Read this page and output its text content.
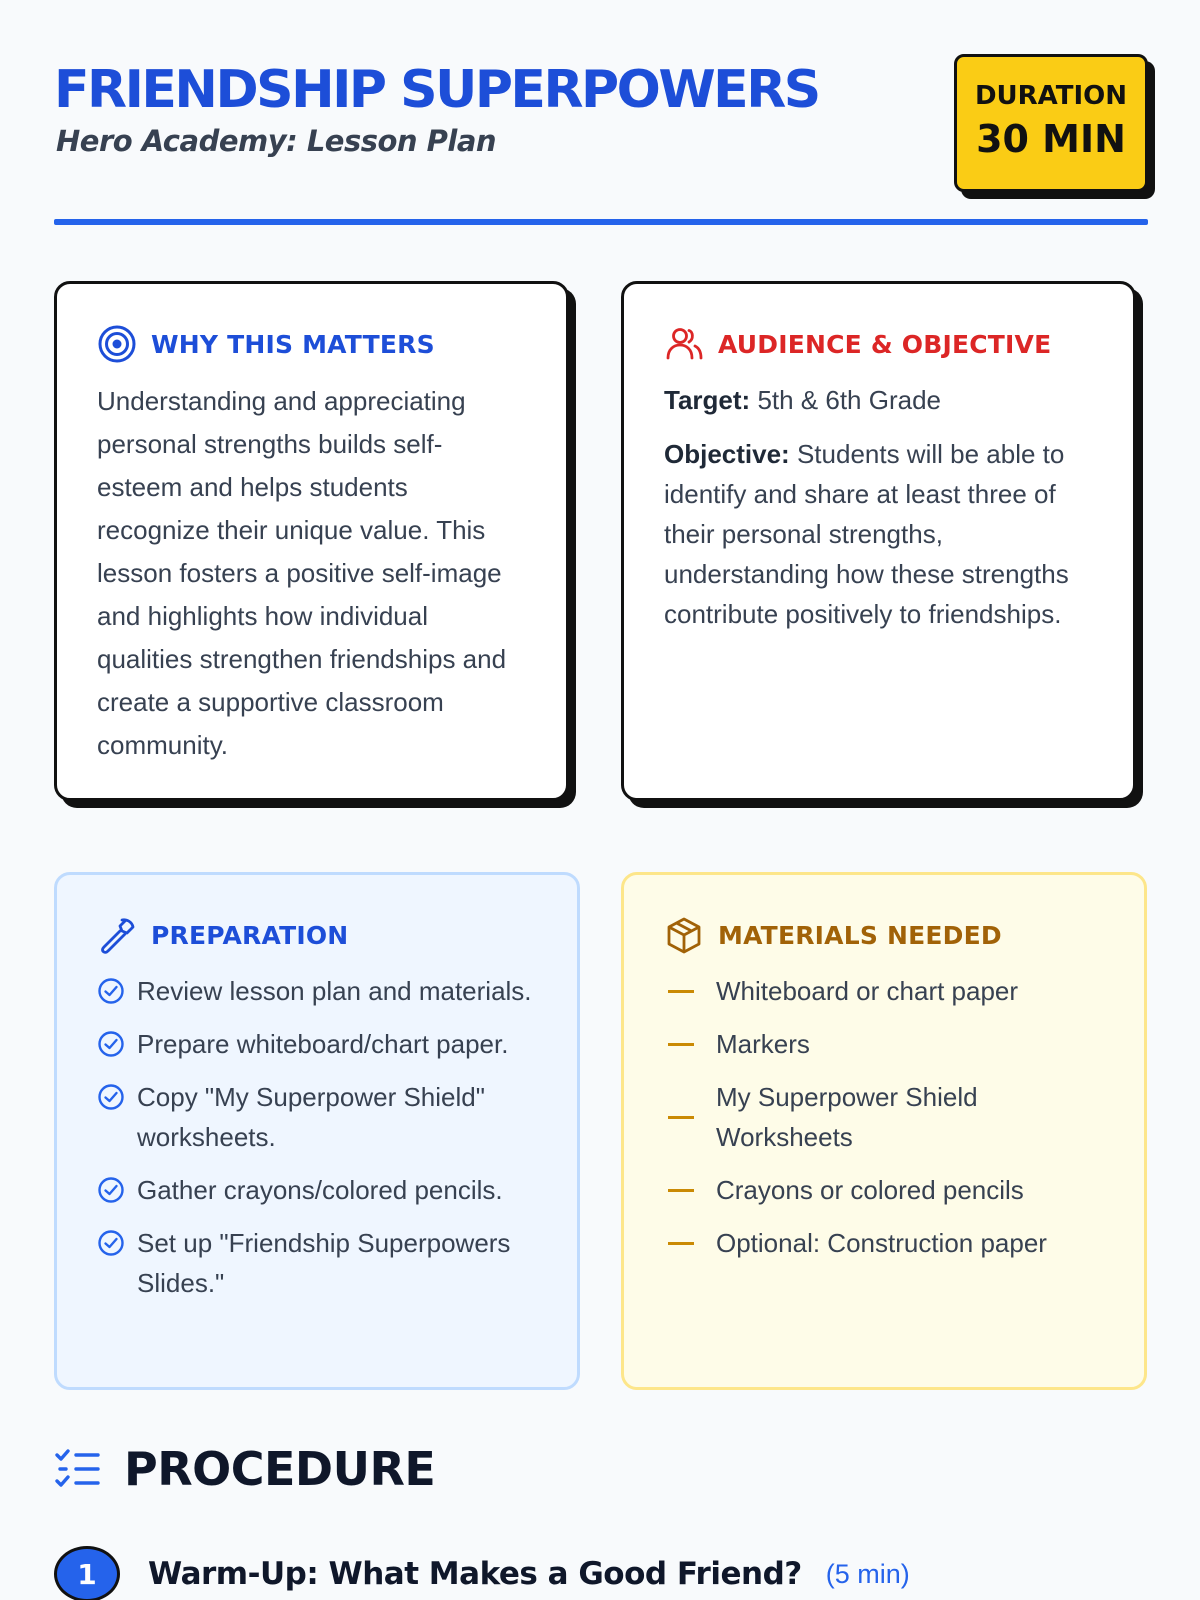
FRIENDSHIP SUPERPOWERS
Hero Academy: Lesson Plan
DURATION
30 MIN
WHY THIS MATTERS
Understanding and appreciating personal strengths builds self-esteem and helps students recognize their unique value. This lesson fosters a positive self-image and highlights how individual qualities strengthen friendships and create a supportive classroom community.
AUDIENCE & OBJECTIVE

Target: 5th & 6th Grade

Objective: Students will be able to identify and share at least three of their personal strengths, understanding how these strengths contribute positively to friendships.

PREPARATION
Review lesson plan and materials.
Prepare whiteboard/chart paper.
Copy "My Superpower Shield" worksheets.
Gather crayons/colored pencils.
Set up "Friendship Superpowers Slides."
MATERIALS NEEDED
Whiteboard or chart paper
Markers
My Superpower Shield Worksheets
Crayons or colored pencils
Optional: Construction paper
PROCEDURE
1	Warm-Up: What Makes a Good Friend? (5 min)
